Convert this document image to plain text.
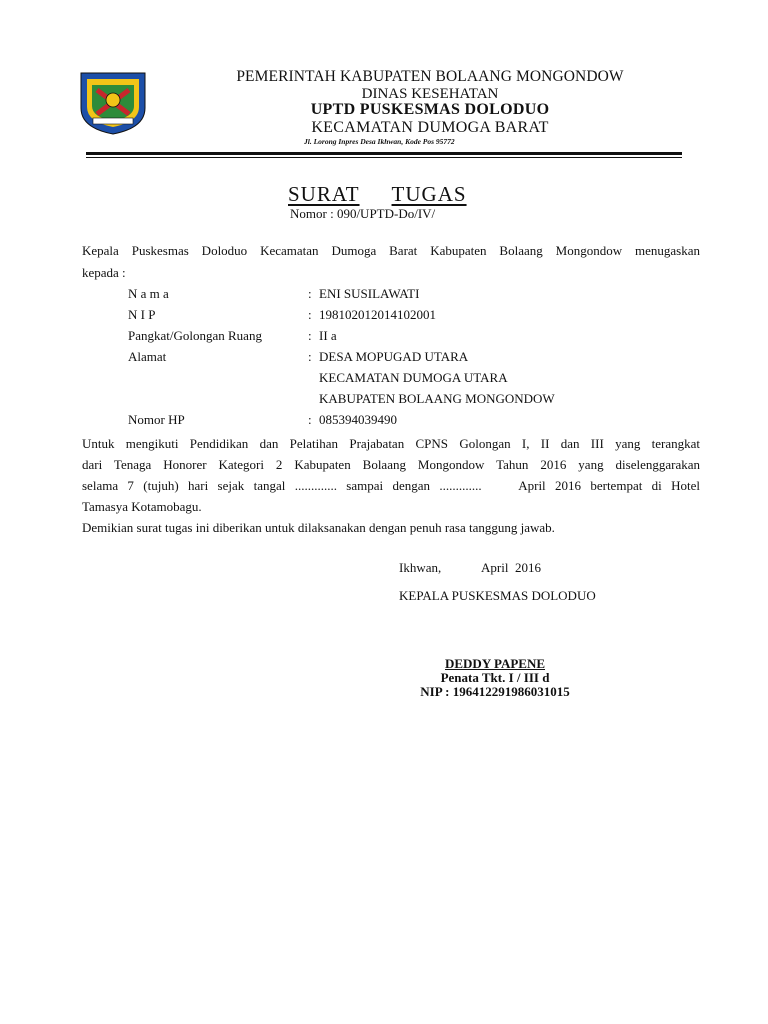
PEMERINTAH KABUPATEN BOLAANG MONGONDOW
DINAS KESEHATAN
UPTD PUSKESMAS DOLODUO
KECAMATAN DUMOGA BARAT
Jl. Lorong Inpres Desa Ikhwan, Kode Pos 95772
SURAT TUGAS
Nomor : 090/UPTD-Do/IV/
Kepala Puskesmas Doloduo Kecamatan Dumoga Barat Kabupaten Bolaang Mongondow menugaskan
kepada :
N a m a	: ENI SUSILAWATI
N I P	: 198102012014102001
Pangkat/Golongan Ruang	: II a
Alamat	: DESA MOPUGAD UTARA
KECAMATAN DUMOGA UTARA
KABUPATEN BOLAANG MONGONDOW
Nomor HP	: 085394039490
Untuk mengikuti Pendidikan dan Pelatihan Prajabatan CPNS Golongan I, II dan III yang terangkat
dari Tenaga Honorer Kategori 2 Kabupaten Bolaang Mongondow Tahun 2016 yang diselenggarakan
selama 7 (tujuh) hari sejak tangal ............. sampai dengan .............    April 2016 bertempat di Hotel
Tamasya Kotamobagu.
Demikian surat tugas ini diberikan untuk dilaksanakan dengan penuh rasa tanggung jawab.
Ikhwan,	April  2016
KEPALA PUSKESMAS DOLODUO
DEDDY PAPENE
Penata Tkt. I / III d
NIP : 196412291986031015
